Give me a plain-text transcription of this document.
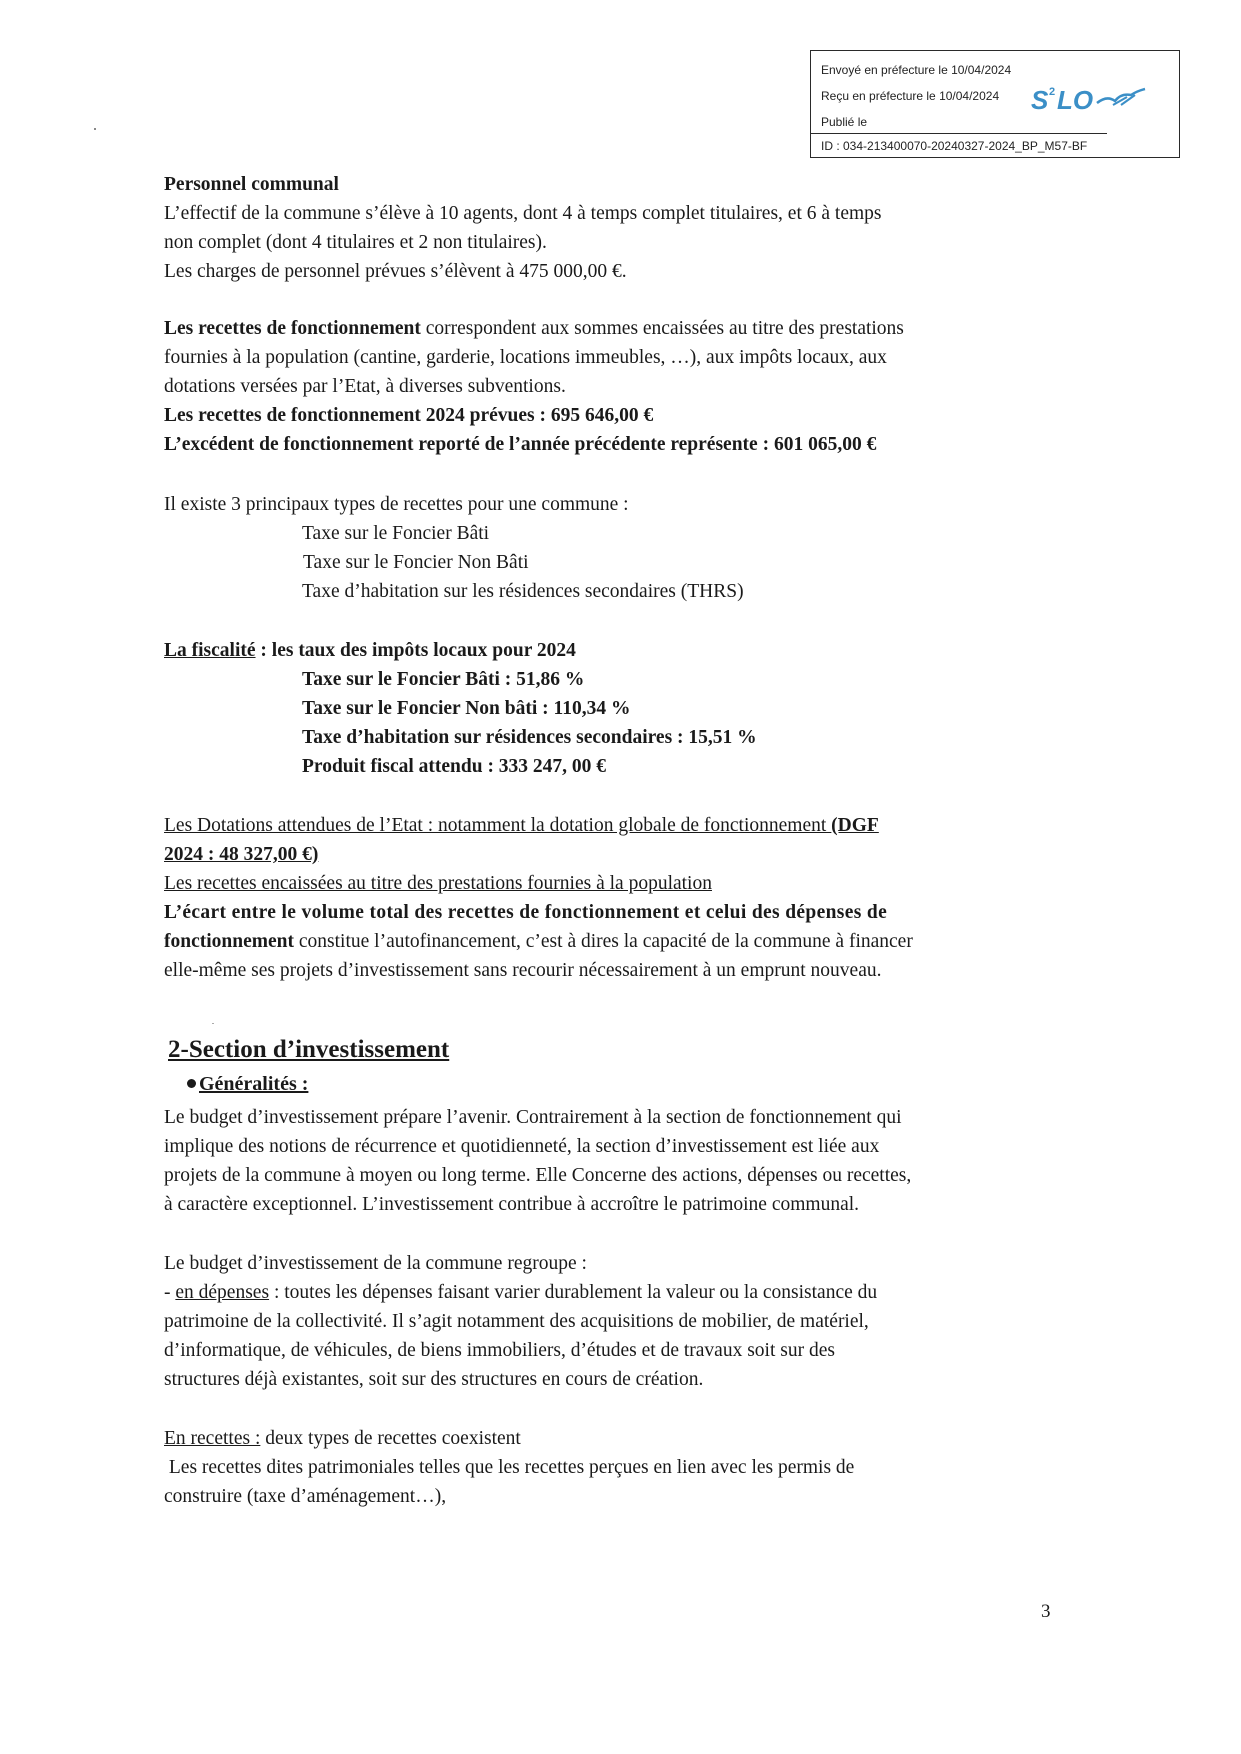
Envoyé en préfecture le 10/04/2024
Reçu en préfecture le 10/04/2024
Publié le
ID : 034-213400070-20240327-2024_BP_M57-BF
S 2 LO
Personnel communal
L’effectif de la commune s’élève à 10 agents, dont 4 à temps complet titulaires, et 6 à temps
non complet (dont 4 titulaires et 2 non titulaires).
Les charges de personnel prévues s’élèvent à 475 000,00 €.
Les recettes de fonctionnement correspondent aux sommes encaissées au titre des prestations
fournies à la population (cantine, garderie, locations immeubles, …), aux impôts locaux, aux
dotations versées par l’Etat, à diverses subventions.
Les recettes de fonctionnement 2024 prévues : 695 646,00 €
L’excédent de fonctionnement reporté de l’année précédente représente : 601 065,00 €
Il existe 3 principaux types de recettes pour une commune :
Taxe sur le Foncier Bâti
Taxe sur le Foncier Non Bâti
Taxe d’habitation sur les résidences secondaires (THRS)
La fiscalité : les taux des impôts locaux pour 2024
Taxe sur le Foncier Bâti : 51,86 %
Taxe sur le Foncier Non bâti : 110,34 %
Taxe d’habitation sur résidences secondaires : 15,51 %
Produit fiscal attendu : 333 247, 00 €
Les Dotations attendues de l’Etat : notamment la dotation globale de fonctionnement (DGF
2024 : 48 327,00 €)
Les recettes encaissées au titre des prestations fournies à la population
L’écart entre le volume total des recettes de fonctionnement et celui des dépenses de
fonctionnement constitue l’autofinancement, c’est à dires la capacité de la commune à financer
elle-même ses projets d’investissement sans recourir nécessairement à un emprunt nouveau.
2-Section d’investissement
Généralités :
Le budget d’investissement prépare l’avenir. Contrairement à la section de fonctionnement qui
implique des notions de récurrence et quotidienneté, la section d’investissement est liée aux
projets de la commune à moyen ou long terme. Elle Concerne des actions, dépenses ou recettes,
à caractère exceptionnel. L’investissement contribue à accroître le patrimoine communal.
Le budget d’investissement de la commune regroupe :
- en dépenses : toutes les dépenses faisant varier durablement la valeur ou la consistance du
patrimoine de la collectivité. Il s’agit notamment des acquisitions de mobilier, de matériel,
d’informatique, de véhicules, de biens immobiliers, d’études et de travaux soit sur des
structures déjà existantes, soit sur des structures en cours de création.
En recettes : deux types de recettes coexistent
Les recettes dites patrimoniales telles que les recettes perçues en lien avec les permis de
construire (taxe d’aménagement…),
3
